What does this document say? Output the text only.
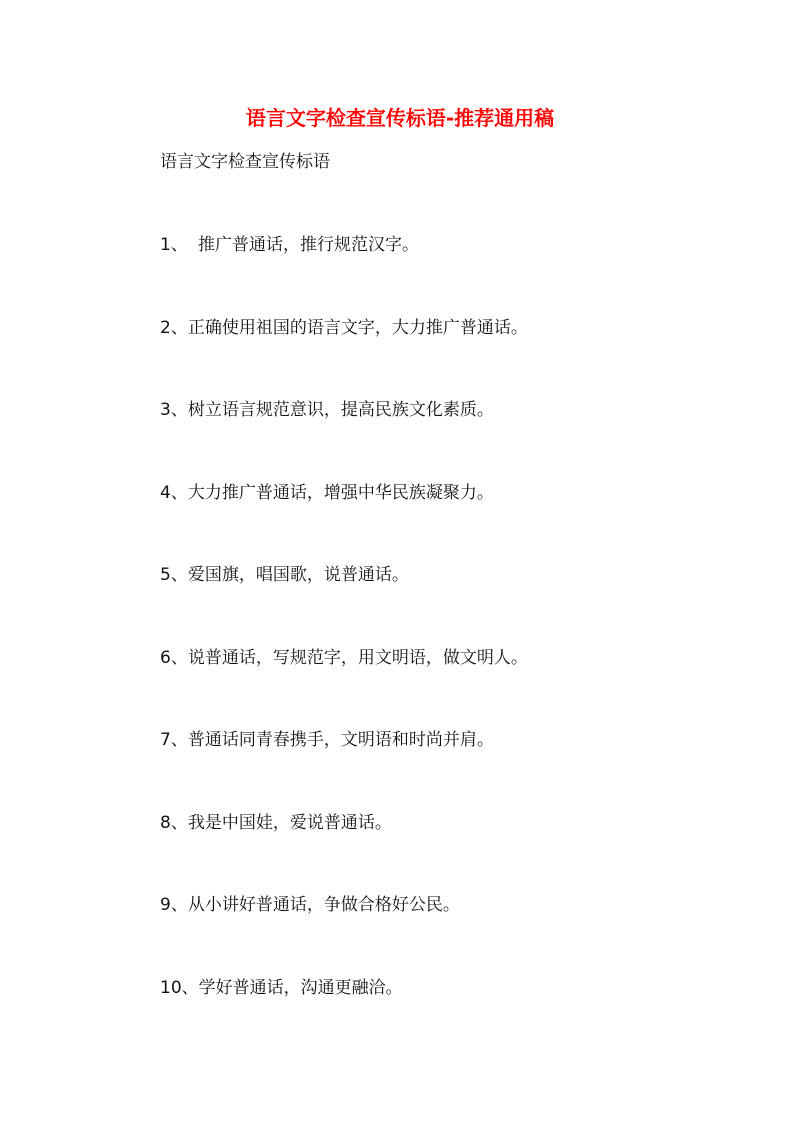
语言文字检查宣传标语-推荐通用稿
语言文字检查宣传标语
1、 推广普通话，推行规范汉字。
2、正确使用祖国的语言文字，大力推广普通话。
3、树立语言规范意识，提高民族文化素质。
4、大力推广普通话，增强中华民族凝聚力。
5、爱国旗，唱国歌，说普通话。
6、说普通话，写规范字，用文明语，做文明人。
7、普通话同青春携手，文明语和时尚并肩。
8、我是中国娃，爱说普通话。
9、从小讲好普通话，争做合格好公民。
10、学好普通话，沟通更融洽。
